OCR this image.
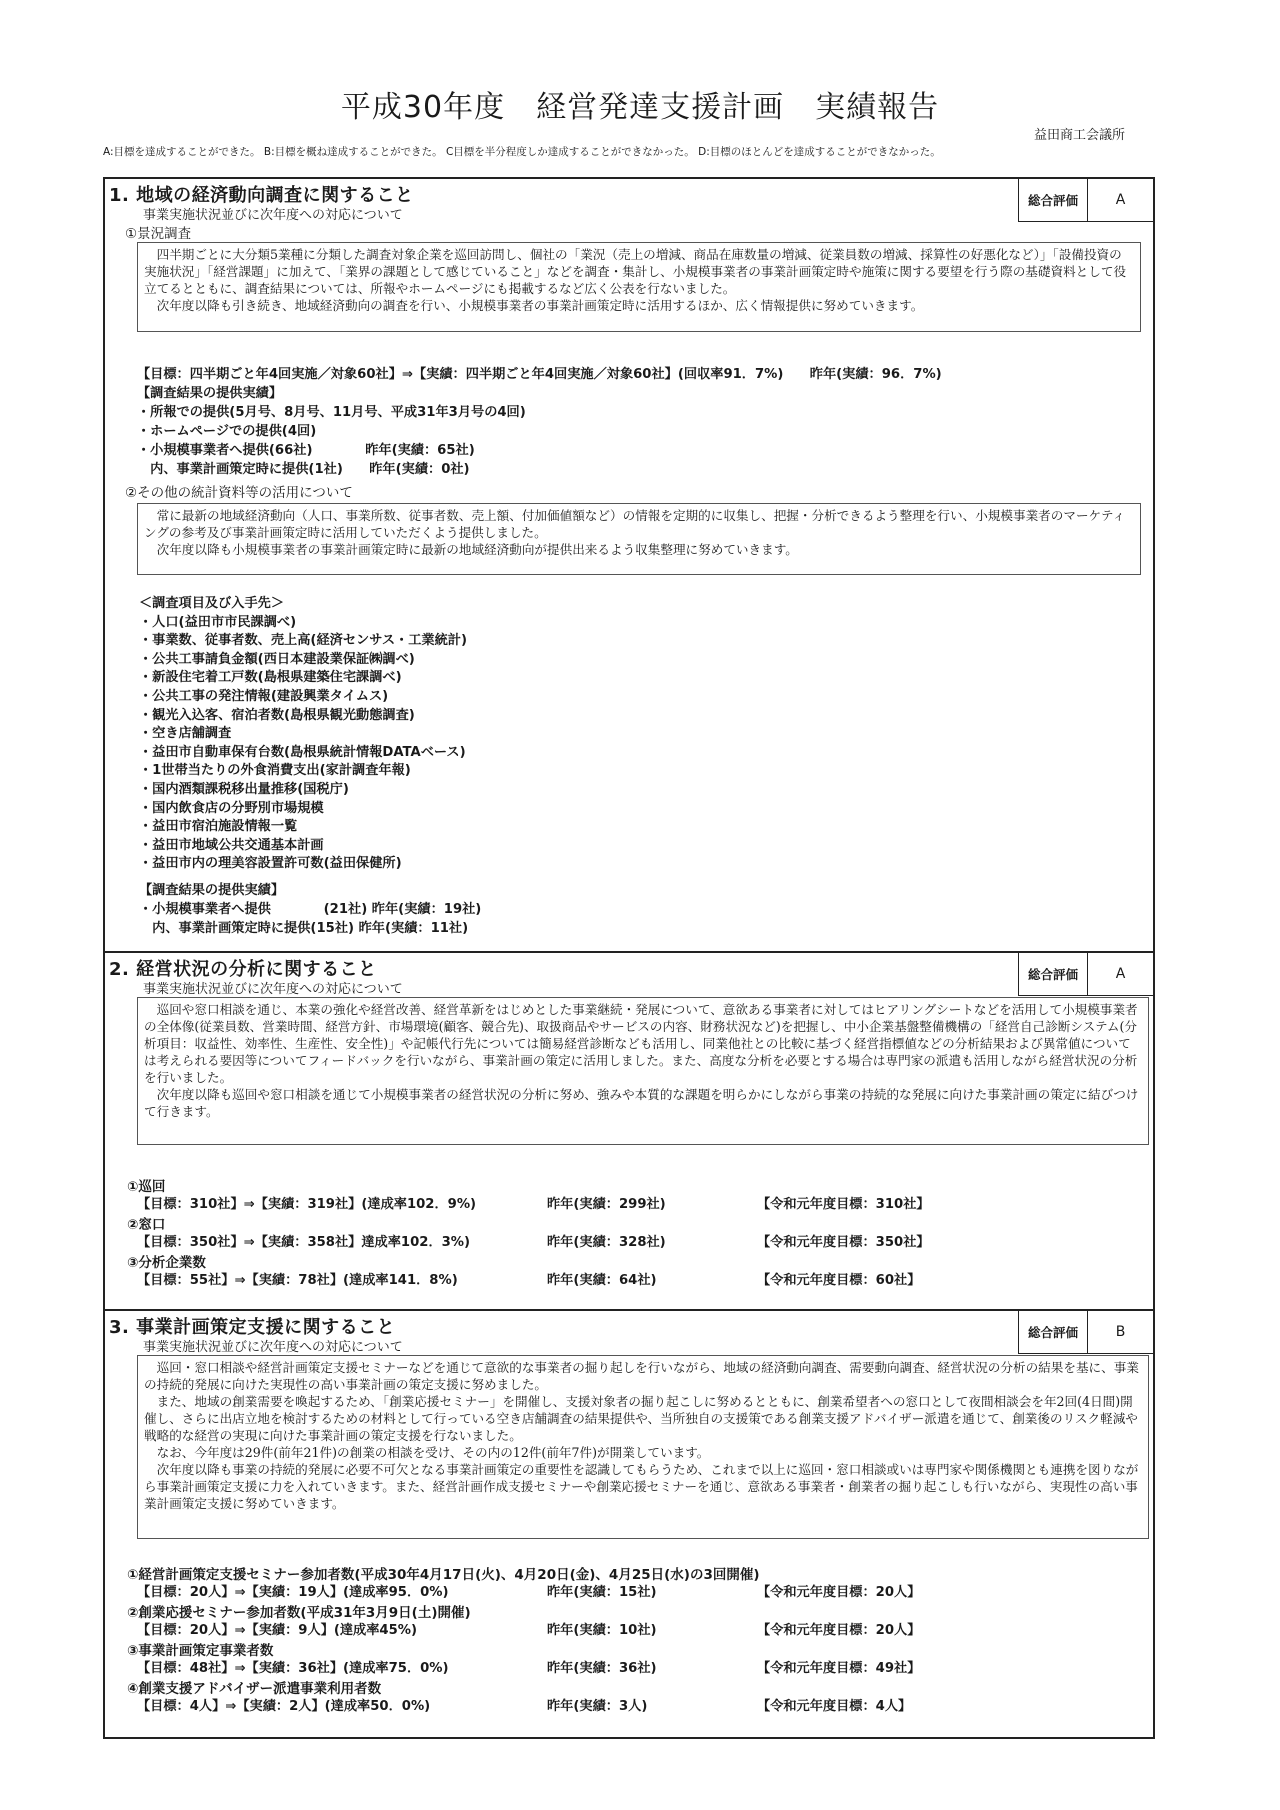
平成30年度　経営発達支援計画　実績報告
益田商工会議所
A:目標を達成することができた。 B:目標を概ね達成することができた。 C目標を半分程度しか達成することができなかった。 D:目標のほとんどを達成することができなかった。
1. 地域の経済動向調査に関すること
事業実施状況並びに次年度への対応について
総合評価	A
①景況調査

四半期ごとに大分類5業種に分類した調査対象企業を巡回訪問し、個社の「業況（売上の増減、商品在庫数量の増減、従業員数の増減、採算性の好悪化など）」「設備投資の実施状況」「経営課題」に加えて、「業界の課題として感じていること」などを調査・集計し、小規模事業者の事業計画策定時や施策に関する要望を行う際の基礎資料として役立てるとともに、調査結果については、所報やホームページにも掲載するなど広く公表を行ないました。

次年度以降も引き続き、地域経済動向の調査を行い、小規模事業者の事業計画策定時に活用するほか、広く情報提供に努めていきます。

【目標：四半期ごと年4回実施／対象60社】⇒【実績：四半期ごと年4回実施／対象60社】(回収率91．7%)　　昨年(実績：96．7%)
【調査結果の提供実績】
・所報での提供(5月号、8月号、11月号、平成31年3月号の4回)
・ホームページでの提供(4回)
・小規模事業者へ提供(66社)　　　　昨年(実績：65社)
　内、事業計画策定時に提供(1社)　　昨年(実績：0社)
②その他の統計資料等の活用について

常に最新の地域経済動向（人口、事業所数、従事者数、売上額、付加価値額など）の情報を定期的に収集し、把握・分析できるよう整理を行い、小規模事業者のマーケティングの参考及び事業計画策定時に活用していただくよう提供しました。

次年度以降も小規模事業者の事業計画策定時に最新の地域経済動向が提供出来るよう収集整理に努めていきます。

＜調査項目及び入手先＞
・人口(益田市市民課調べ)
・事業数、従事者数、売上高(経済センサス・工業統計)
・公共工事請負金額(西日本建設業保証㈱調べ)
・新設住宅着工戸数(島根県建築住宅課調べ)
・公共工事の発注情報(建設興業タイムス)
・観光入込客、宿泊者数(島根県観光動態調査)
・空き店舗調査
・益田市自動車保有台数(島根県統計情報DATAベース)
・1世帯当たりの外食消費支出(家計調査年報)
・国内酒類課税移出量推移(国税庁)
・国内飲食店の分野別市場規模
・益田市宿泊施設情報一覧
・益田市地域公共交通基本計画
・益田市内の理美容設置許可数(益田保健所)
【調査結果の提供実績】
・小規模事業者へ提供　　　　(21社) 昨年(実績：19社)
　内、事業計画策定時に提供(15社) 昨年(実績：11社)
2. 経営状況の分析に関すること
事業実施状況並びに次年度への対応について
総合評価	A

巡回や窓口相談を通じ、本業の強化や経営改善、経営革新をはじめとした事業継続・発展について、意欲ある事業者に対してはヒアリングシートなどを活用して小規模事業者の全体像(従業員数、営業時間、経営方針、市場環境(顧客、競合先)、取扱商品やサービスの内容、財務状況など)を把握し、中小企業基盤整備機構の「経営自己診断システム(分析項目：収益性、効率性、生産性、安全性)」や記帳代行先については簡易経営診断なども活用し、同業他社との比較に基づく経営指標値などの分析結果および異常値については考えられる要因等についてフィードバックを行いながら、事業計画の策定に活用しました。また、高度な分析を必要とする場合は専門家の派遣も活用しながら経営状況の分析を行いました。

次年度以降も巡回や窓口相談を通じて小規模事業者の経営状況の分析に努め、強みや本質的な課題を明らかにしながら事業の持続的な発展に向けた事業計画の策定に結びつけて行きます。

①巡回
【目標：310社】⇒【実績：319社】(達成率102．9%)	昨年(実績：299社)	【令和元年度目標：310社】
②窓口
【目標：350社】⇒【実績：358社】達成率102．3%)	昨年(実績：328社)	【令和元年度目標：350社】
③分析企業数
【目標：55社】⇒【実績：78社】(達成率141．8%)	昨年(実績：64社)	【令和元年度目標：60社】
3. 事業計画策定支援に関すること
事業実施状況並びに次年度への対応について
総合評価	B

巡回・窓口相談や経営計画策定支援セミナーなどを通じて意欲的な事業者の掘り起しを行いながら、地域の経済動向調査、需要動向調査、経営状況の分析の結果を基に、事業の持続的発展に向けた実現性の高い事業計画の策定支援に努めました。

また、地域の創業需要を喚起するため、「創業応援セミナー」を開催し、支援対象者の掘り起こしに努めるとともに、創業希望者への窓口として夜間相談会を年2回(4日間)開催し、さらに出店立地を検討するための材料として行っている空き店舗調査の結果提供や、当所独自の支援策である創業支援アドバイザー派遣を通じて、創業後のリスク軽減や戦略的な経営の実現に向けた事業計画の策定支援を行ないました。

なお、今年度は29件(前年21件)の創業の相談を受け、その内の12件(前年7件)が開業しています。

次年度以降も事業の持続的発展に必要不可欠となる事業計画策定の重要性を認識してもらうため、これまで以上に巡回・窓口相談或いは専門家や関係機関とも連携を図りながら事業計画策定支援に力を入れていきます。また、経営計画作成支援セミナーや創業応援セミナーを通じ、意欲ある事業者・創業者の掘り起こしも行いながら、実現性の高い事業計画策定支援に努めていきます。

①経営計画策定支援セミナー参加者数(平成30年4月17日(火)、4月20日(金)、4月25日(水)の3回開催)
【目標：20人】⇒【実績：19人】(達成率95．0%)	昨年(実績：15社)	【令和元年度目標：20人】
②創業応援セミナー参加者数(平成31年3月9日(土)開催)
【目標：20人】⇒【実績：9人】(達成率45%)	昨年(実績：10社)	【令和元年度目標：20人】
③事業計画策定事業者数
【目標：48社】⇒【実績：36社】(達成率75．0%)	昨年(実績：36社)	【令和元年度目標：49社】
④創業支援アドバイザー派遣事業利用者数
【目標：4人】⇒【実績：2人】(達成率50．0%)	昨年(実績：3人)	【令和元年度目標：4人】
